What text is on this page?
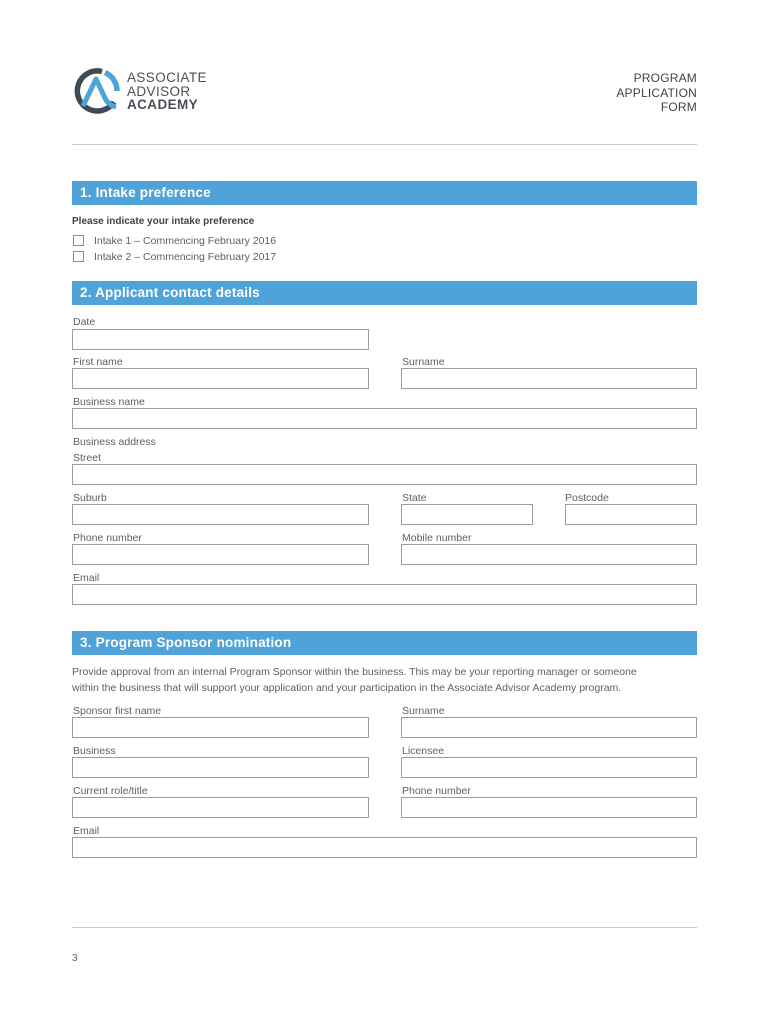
ASSOCIATE
ADVISOR
ACADEMY
PROGRAM
APPLICATION
FORM
1. Intake preference
Please indicate your intake preference
Intake 1 – Commencing February 2016
Intake 2 – Commencing February 2017
2. Applicant contact details
Date
First name	Surname
Business name
Business address
Street
Suburb	State	Postcode
Phone number	Mobile number
Email
3. Program Sponsor nomination
Provide approval from an internal Program Sponsor within the business. This may be your reporting manager or someone
within the business that will support your application and your participation in the Associate Advisor Academy program.
Sponsor first name	Surname
Business	Licensee
Current role/title	Phone number
Email
3
